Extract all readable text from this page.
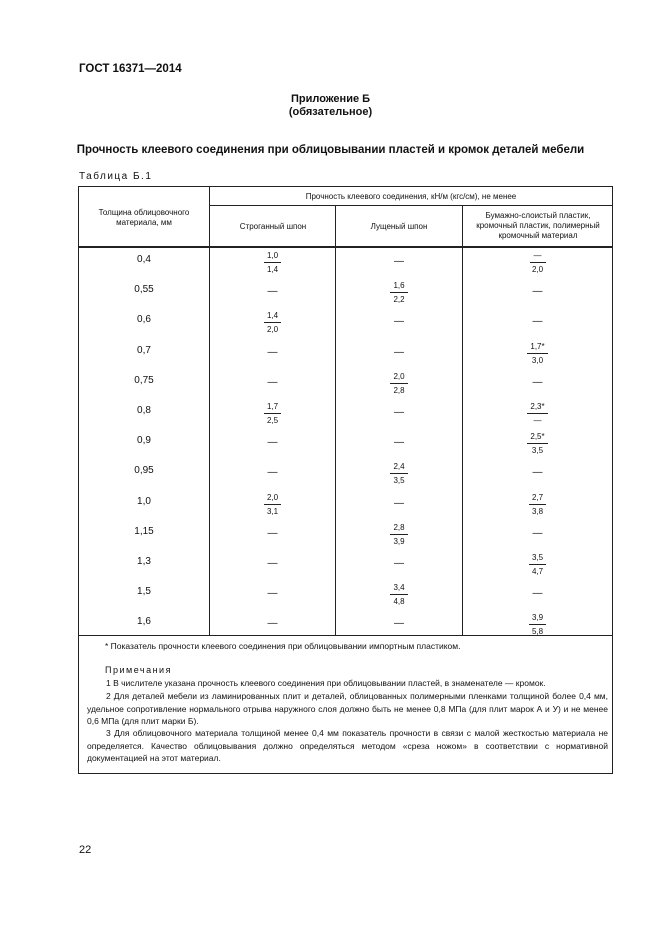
ГОСТ 16371—2014
Приложение Б
(обязательное)
Прочность клеевого соединения при облицовывании пластей и кромок деталей мебели
Таблица Б.1
Толщина облицовочного материала, мм
Прочность клеевого соединения, кН/м (кгс/см), не менее
Строганный шпон	Лущеный шпон
Бумажно-слоистый пластик, кромочный пластик, полимерный кромочный материал
0,4	$\frac{1,0}{1,4}$	—	$\frac{—}{2,0}$
0,55	—	$\frac{1,6}{2,2}$	—
0,6	$\frac{1,4}{2,0}$	—	—
0,7	—	—	$\frac{1,7*}{3,0}$
0,75	—	$\frac{2,0}{2,8}$	—
0,8	$\frac{1,7}{2,5}$	—	$\frac{2,3*}{—}$
0,9	—	—	$\frac{2,5*}{3,5}$
0,95	—	$\frac{2,4}{3,5}$	—
1,0	$\frac{2,0}{3,1}$	—	$\frac{2,7}{3,8}$
1,15	—	$\frac{2,8}{3,9}$	—
1,3	—	—	$\frac{3,5}{4,7}$
1,5	—	$\frac{3,4}{4,8}$	—
1,6	—	—	$\frac{3,9}{5,8}$
* Показатель прочности клеевого соединения при облицовывании импортным пластиком.
Примечания
1 В числителе указана прочность клеевого соединения при облицовывании пластей, в знаменателе — кромок.
2 Для деталей мебели из ламинированных плит и деталей, облицованных полимерными пленками толщиной более 0,4 мм, удельное сопротивление нормального отрыва наружного слоя должно быть не менее 0,8 МПа (для плит марок А и У) и не менее 0,6 МПа (для плит марки Б).
3 Для облицовочного материала толщиной менее 0,4 мм показатель прочности в связи с малой жесткостью материала не определяется. Качество облицовывания должно определяться методом «среза ножом» в соответствии с нормативной документацией на этот материал.
22
